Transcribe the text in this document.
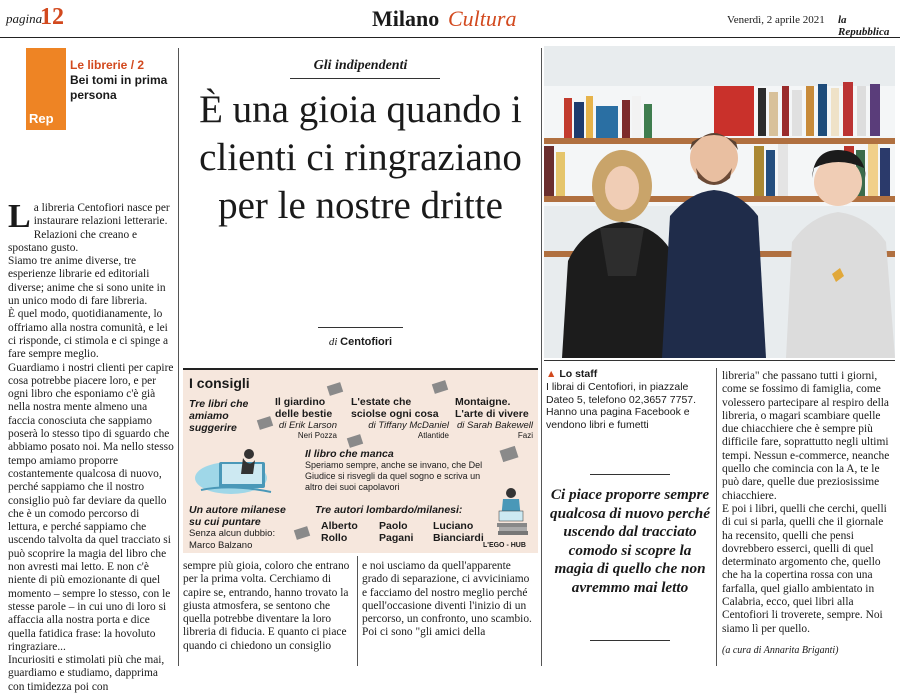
pagina
12	Milano Cultura	Venerdì, 2 aprile 2021 la Repubblica
Rep
Le librerie / 2
Bei tomi in prima persona
L a libreria Centofiori nasce per instaurare relazioni letterarie. Relazioni che creano e spostano gusto.

Siamo tre anime diverse, tre esperienze librarie ed editoriali diverse; anime che si sono unite in un unico modo di fare libreria.

È quel modo, quotidianamente, lo offriamo alla nostra comunità, e lei ci risponde, ci stimola e ci spinge a fare sempre meglio.

Guardiamo i nostri clienti per capire cosa potrebbe piacere loro, e per ogni libro che esponiamo c'è già nella nostra mente almeno una faccia conosciuta che sappiamo poserà lo stesso tipo di sguardo che abbiamo posato noi. Ma nello stesso tempo amiamo proporre costantemente qualcosa di nuovo, perché sappiamo che il nostro consiglio può far deviare da quello che è un comodo percorso di lettura, e perché sappiamo che uscendo talvolta da quel tracciato si può scoprire la magia del libro che non avresti mai letto. E non c'è niente di più emozionante di quel momento – sempre lo stesso, con le stesse parole – in cui uno di loro si affaccia alla nostra porta e dice quella fatidica frase: la hovoluto ringraziare...

Incuriositi e stimolati più che mai, guardiamo e studiamo, dapprima con timidezza poi con

Gli indipendenti
È una gioia quando i clienti ci ringraziano per le nostre dritte
di Centofiori
I consigli
Tre libri che amiamo suggerire
Il giardino delle bestie
di Erik Larson
Neri Pozza
L'estate che sciolse ogni cosa
di Tiffany McDaniel
Atlantide
Montaigne. L'arte di vivere
di Sarah Bakewell
Fazi
Il libro che manca
Speriamo sempre, anche se invano, che Del Giudice si risvegli da quel sogno e scriva un altro dei suoi capolavori
Un autore milanese su cui puntare
Senza alcun dubbio: Marco Balzano
Tre autori lombardo/milanesi:
Alberto Rollo
Paolo Pagani
Luciano Bianciardi
L'EGO - HUB

sempre più gioia, coloro che entrano per la prima volta. Cerchiamo di capire se, entrando, hanno trovato la giusta atmosfera, se sentono che quella potrebbe diventare la loro libreria di fiducia. E quanto ci piace quando ci chiedono un consiglio

e noi usciamo da quell'apparente grado di separazione, ci avviciniamo e facciamo del nostro meglio perché quell'occasione diventi l'inizio di un percorso, un confronto, uno scambio.

Poi ci sono "gli amici della

▲ Lo staff
I librai di Centofiori, in piazzale Dateo 5, telefono 02,3657 7757. Hanno una pagina Facebook e vendono libri e fumetti
Ci piace proporre sempre qualcosa di nuovo perché uscendo dal tracciato comodo si scopre la magia di quello che non avremmo mai letto

libreria" che passano tutti i giorni, come se fossimo di famiglia, come volessero partecipare al respiro della libreria, o magari scambiare quelle due chiacchiere che è sempre più difficile fare, soprattutto negli ultimi tempi. Nessun e-commerce, neanche quello che comincia con la A, te le può dare, quelle due preziosissime chiacchiere.

E poi i libri, quelli che cerchi, quelli di cui si parla, quelli che il giornale ha recensito, quelli che pensi dovrebbero esserci, quelli di quel determinato argomento che, quello che ha la copertina rossa con una farfalla, quel giallo ambientato in Calabria, ecco, quei libri alla Centofiori li troverete, sempre. Noi siamo lì per quello.

(a cura di Annarita Briganti)
